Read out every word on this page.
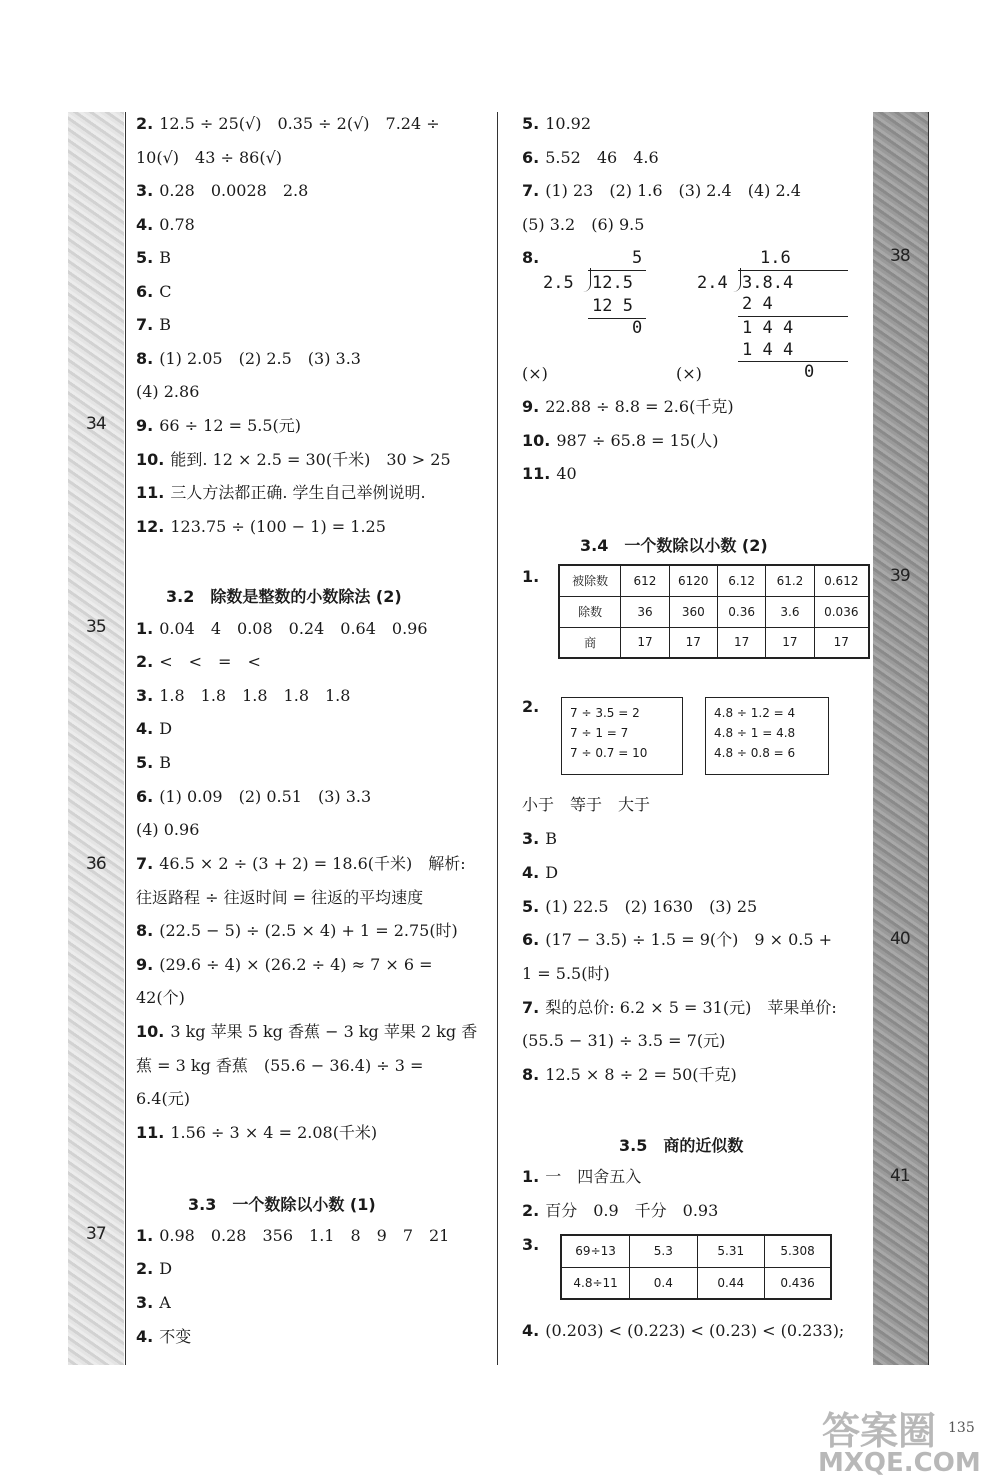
34
35
36
37
38
39
40
41
2. 12.5 ÷ 25(√)　0.35 ÷ 2(√)　7.24 ÷
10(√)　43 ÷ 86(√)
3. 0.28　0.0028　2.8
4. 0.78
5. B
6. C
7. B
8. (1) 2.05　(2) 2.5　(3) 3.3
(4) 2.86
9. 66 ÷ 12 = 5.5(元)
10. 能到. 12 × 2.5 = 30(千米)　30 > 25
11. 三人方法都正确. 学生自己举例说明.
12. 123.75 ÷ (100 − 1) = 1.25
3.2　除数是整数的小数除法 (2)
1. 0.04　4　0.08　0.24　0.64　0.96
2. <　<　=　<
3. 1.8　1.8　1.8　1.8　1.8
4. D
5. B
6. (1) 0.09　(2) 0.51　(3) 3.3
(4) 0.96
7. 46.5 × 2 ÷ (3 + 2) = 18.6(千米)　解析:
往返路程 ÷ 往返时间 = 往返的平均速度
8. (22.5 − 5) ÷ (2.5 × 4) + 1 = 2.75(时)
9. (29.6 ÷ 4) × (26.2 ÷ 4) ≈ 7 × 6 =
42(个)
10. 3 kg 苹果 5 kg 香蕉 − 3 kg 苹果 2 kg 香
蕉 = 3 kg 香蕉　(55.6 − 36.4) ÷ 3 =
6.4(元)
11. 1.56 ÷ 3 × 4 = 2.08(千米)
3.3　一个数除以小数 (1)
1. 0.98　0.28　356　1.1　8　9　7　21
2. D
3. A
4. 不变
5. 10.92
6. 5.52　46　4.6
7. (1) 23　(2) 1.6　(3) 2.4　(4) 2.4
(5) 3.2　(6) 9.5
8.	5
2.5 12.5
12 5
0
1.6
2.4 3.8.4
2 4
1 4 4
1 4 4
0
(×)	(×)
9. 22.88 ÷ 8.8 = 2.6(千克)
10. 987 ÷ 65.8 = 15(人)
11. 40
3.4　一个数除以小数 (2)
1.	被除数	612	6120	6.12	61.2	0.612
除数	36	360	0.36	3.6	0.036
商	17	17	17	17	17
2.	7 ÷ 3.5 = 2
7 ÷ 1 = 7
7 ÷ 0.7 = 10
4.8 ÷ 1.2 = 4
4.8 ÷ 1 = 4.8
4.8 ÷ 0.8 = 6
小于　等于　大于
3. B
4. D
5. (1) 22.5　(2) 1630　(3) 25
6. (17 − 3.5) ÷ 1.5 = 9(个)　9 × 0.5 +
1 = 5.5(时)
7. 梨的总价: 6.2 × 5 = 31(元)　苹果单价:
(55.5 − 31) ÷ 3.5 = 7(元)
8. 12.5 × 8 ÷ 2 = 50(千克)
3.5　商的近似数
1. 一　四舍五入
2. 百分　0.9　千分　0.93
3.	69÷13	5.3	5.31	5.308
4.8÷11	0.4	0.44	0.436
4. (0.203) < (0.223) < (0.23) < (0.233);
答案圈
MXQE.COM
135
